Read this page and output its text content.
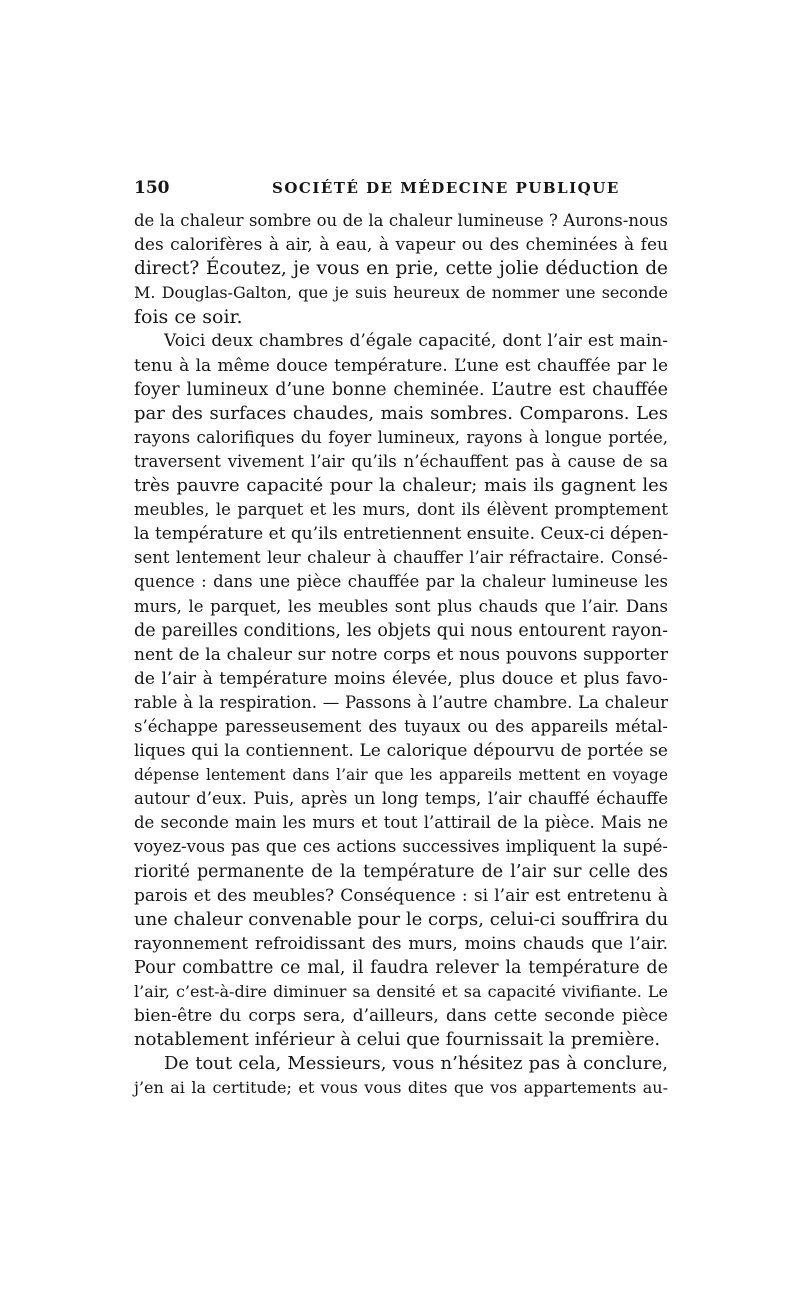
150	SOCIÉTÉ DE MÉDECINE PUBLIQUE
de la chaleur sombre ou de la chaleur lumineuse ? Aurons-nous
des calorifères à air, à eau, à vapeur ou des cheminées à feu
direct? Écoutez, je vous en prie, cette jolie déduction de
M. Douglas-Galton, que je suis heureux de nommer une seconde
fois ce soir.
Voici deux chambres d’égale capacité, dont l’air est main-
tenu à la même douce température. L’une est chauffée par le
foyer lumineux d’une bonne cheminée. L’autre est chauffée
par des surfaces chaudes, mais sombres. Comparons. Les
rayons calorifiques du foyer lumineux, rayons à longue portée,
traversent vivement l’air qu’ils n’échauffent pas à cause de sa
très pauvre capacité pour la chaleur; mais ils gagnent les
meubles, le parquet et les murs, dont ils élèvent promptement
la température et qu’ils entretiennent ensuite. Ceux-ci dépen-
sent lentement leur chaleur à chauffer l’air réfractaire. Consé-
quence : dans une pièce chauffée par la chaleur lumineuse les
murs, le parquet, les meubles sont plus chauds que l’air. Dans
de pareilles conditions, les objets qui nous entourent rayon-
nent de la chaleur sur notre corps et nous pouvons supporter
de l’air à température moins élevée, plus douce et plus favo-
rable à la respiration. — Passons à l’autre chambre. La chaleur
s’échappe paresseusement des tuyaux ou des appareils métal-
liques qui la contiennent. Le calorique dépourvu de portée se
dépense lentement dans l’air que les appareils mettent en voyage
autour d’eux. Puis, après un long temps, l’air chauffé échauffe
de seconde main les murs et tout l’attirail de la pièce. Mais ne
voyez-vous pas que ces actions successives impliquent la supé-
riorité permanente de la température de l’air sur celle des
parois et des meubles? Conséquence : si l’air est entretenu à
une chaleur convenable pour le corps, celui-ci souffrira du
rayonnement refroidissant des murs, moins chauds que l’air.
Pour combattre ce mal, il faudra relever la température de
l’air, c’est-à-dire diminuer sa densité et sa capacité vivifiante. Le
bien-être du corps sera, d’ailleurs, dans cette seconde pièce
notablement inférieur à celui que fournissait la première.
De tout cela, Messieurs, vous n’hésitez pas à conclure,
j’en ai la certitude; et vous vous dites que vos appartements au-
